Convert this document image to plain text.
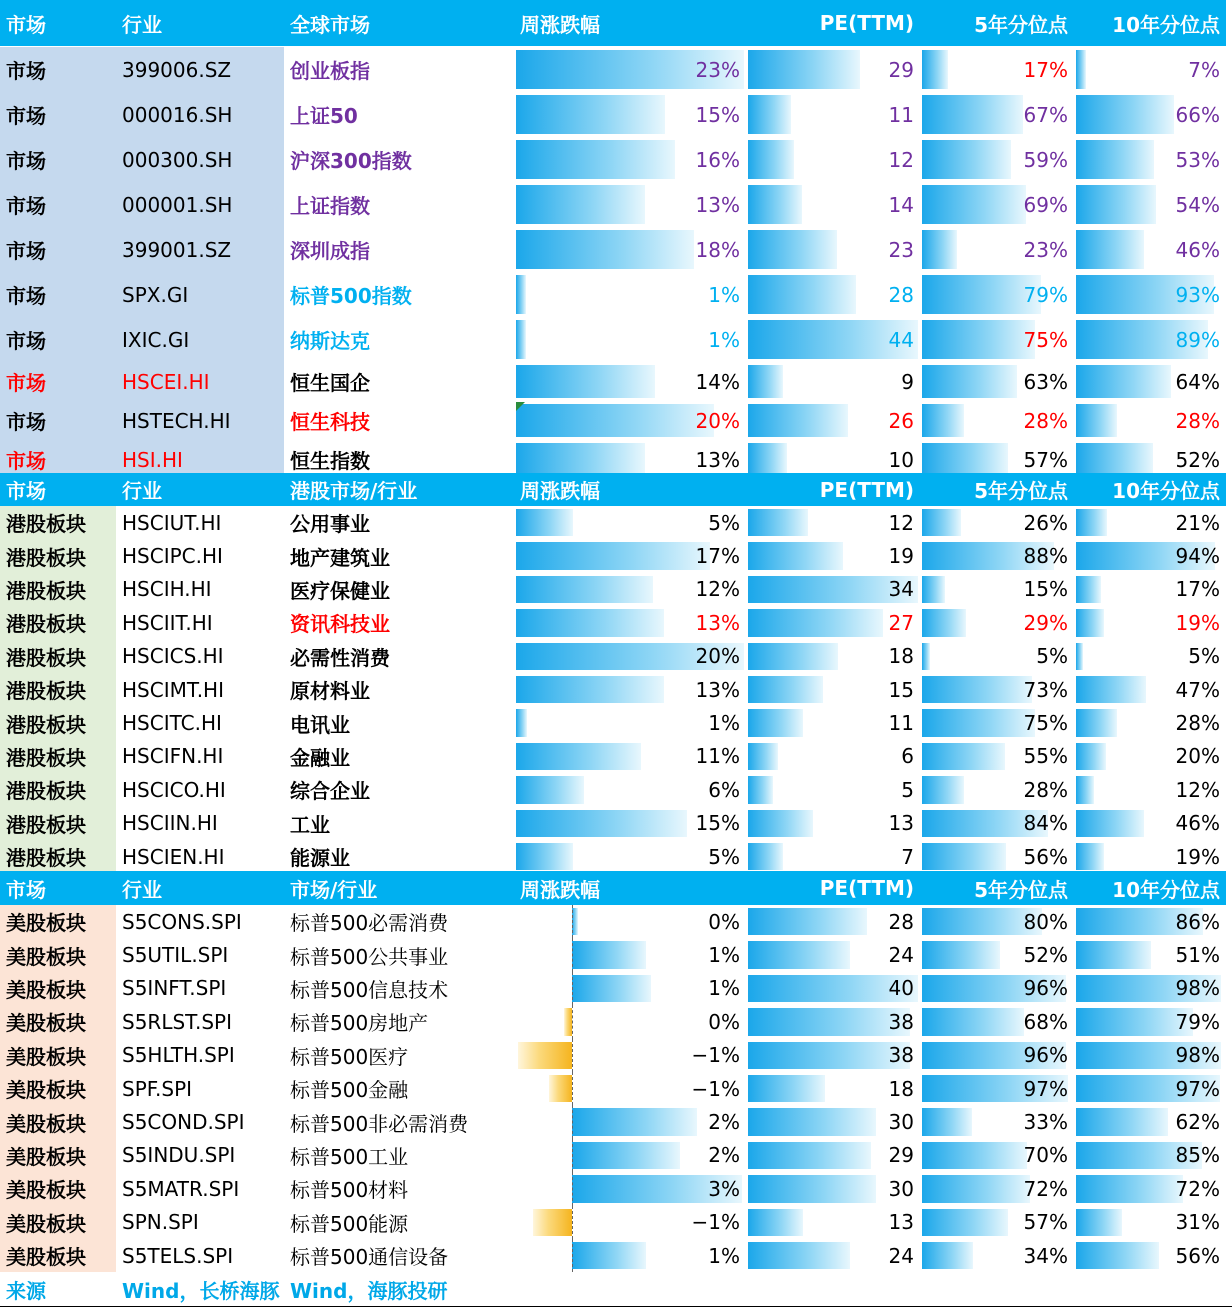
市场	行业	全球市场	周涨跌幅	PE(TTM)	5年分位点	10年分位点
市场	399006.SZ	创业板指	23%	29	17%	7%
市场	000016.SH	上证50	15%	11	67%	66%
市场	000300.SH	沪深300指数	16%	12	59%	53%
市场	000001.SH	上证指数	13%	14	69%	54%
市场	399001.SZ	深圳成指	18%	23	23%	46%
市场	SPX.GI	标普500指数	1%	28	79%	93%
市场	IXIC.GI	纳斯达克	1%	44	75%	89%
市场	HSCEI.HI	恒生国企	14%	9	63%	64%
市场	HSTECH.HI	恒生科技	20%	26	28%	28%
市场	HSI.HI	恒生指数	13%	10	57%	52%
市场	行业	港股市场/行业	周涨跌幅	PE(TTM)	5年分位点	10年分位点
港股板块 HSCIUT.HI	公用事业	5%	12	26%	21%
港股板块 HSCIPC.HI	地产建筑业	17%	19	88%	94%
港股板块 HSCIH.HI	医疗保健业	12%	34	15%	17%
港股板块 HSCIIT.HI	资讯科技业	13%	27	29%	19%
港股板块 HSCICS.HI	必需性消费	20%	18	5%	5%
港股板块 HSCIMT.HI	原材料业	13%	15	73%	47%
港股板块 HSCITC.HI	电讯业	1%	11	75%	28%
港股板块 HSCIFN.HI	金融业	11%	6	55%	20%
港股板块 HSCICO.HI	综合企业	6%	5	28%	12%
港股板块 HSCIIN.HI	工业	15%	13	84%	46%
港股板块 HSCIEN.HI	能源业	5%	7	56%	19%
市场	行业	市场/行业	周涨跌幅	PE(TTM)	5年分位点	10年分位点
美股板块 S5CONS.SPI 标普500必需消费	0%	28	80%	86%
美股板块 S5UTIL.SPI	标普500公共事业	1%	24	52%	51%
美股板块 S5INFT.SPI	标普500信息技术	1%	40	96%	98%
美股板块 S5RLST.SPI	标普500房地产	0%	38	68%	79%
美股板块 S5HLTH.SPI	标普500医疗	−1%	38	96%	98%
美股板块 SPF.SPI	标普500金融	−1%	18	97%	97%
美股板块 S5COND.SPI 标普500非必需消费	2%	30	33%	62%
美股板块 S5INDU.SPI	标普500工业	2%	29	70%	85%
美股板块 S5MATR.SPI	标普500材料	3%	30	72%	72%
美股板块 SPN.SPI	标普500能源	−1%	13	57%	31%
美股板块 S5TELS.SPI	标普500通信设备	1%	24	34%	56%
来源	Wind，长桥海豚 Wind，海豚投研
